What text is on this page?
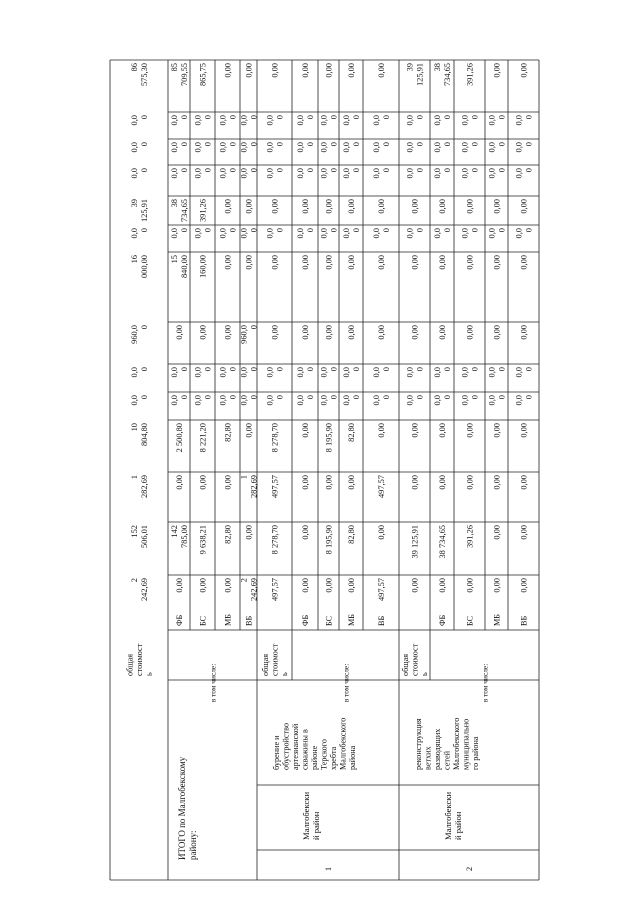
ИТОГО по Малгобекскомурайону:
1
Малгобекский район
бурение иобустройствоартезианскойскважины врайонеТерскогохребтаМалгобекскогорайона
2
Малгобекский район
реконструкцияветхихразводящихсетейМалгобекскогомуниципального района
в том числе:	в том числе:	в том числе:
общаястоимость
2242,69
152506,01
1282,69
10804,80
0,00
0,00
960,00
16000,00
0,00
39125,91
0,00
0,00
0,00
86575,30
ФБ
0,00
142785,00
0,00
2 500,80
0,00
0,00
0,00
15840,00
0,00
38734,65
0,00
0,00
0,00
85709,55
БС
0,00
9 638,21
0,00
8 221,20
0,00
0,00
0,00
160,00
0,00
391,26
0,00
0,00
0,00
865,75
МБ
0,00
82,80
0,00
82,80
0,00
0,00
0,00
0,00
0,00
0,00
0,00
0,00
0,00
0,00
ВБ
2242,69
0,00
1282,69
0,00
0,00
0,00
960,00
0,00
0,00
0,00
0,00
0,00
0,00
0,00
общаястоимость
497,57
8 278,70
497,57
8 278,70
0,00
0,00
0,00
0,00
0,00
0,00
0,00
0,00
0,00
0,00
ФБ
0,00
0,00
0,00
0,00
0,00
0,00
0,00
0,00
0,00
0,00
0,00
0,00
0,00
0,00
БС
0,00
8 195,90
0,00
8 195,90
0,00
0,00
0,00
0,00
0,00
0,00
0,00
0,00
0,00
0,00
МБ
0,00
82,80
0,00
82,80
0,00
0,00
0,00
0,00
0,00
0,00
0,00
0,00
0,00
0,00
ВБ
497,57
0,00
497,57
0,00
0,00
0,00
0,00
0,00
0,00
0,00
0,00
0,00
0,00
0,00
общаястоимость
0,00
39 125,91
0,00
0,00
0,00
0,00
0,00
0,00
0,00
0,00
0,00
0,00
0,00
39125,91
ФБ
0,00
38 734,65
0,00
0,00
0,00
0,00
0,00
0,00
0,00
0,00
0,00
0,00
0,00
38734,65
БС
0,00
391,26
0,00
0,00
0,00
0,00
0,00
0,00
0,00
0,00
0,00
0,00
0,00
391,26
МБ
0,00
0,00
0,00
0,00
0,00
0,00
0,00
0,00
0,00
0,00
0,00
0,00
0,00
0,00
ВБ
0,00
0,00
0,00
0,00
0,00
0,00
0,00
0,00
0,00
0,00
0,00
0,00
0,00
0,00
